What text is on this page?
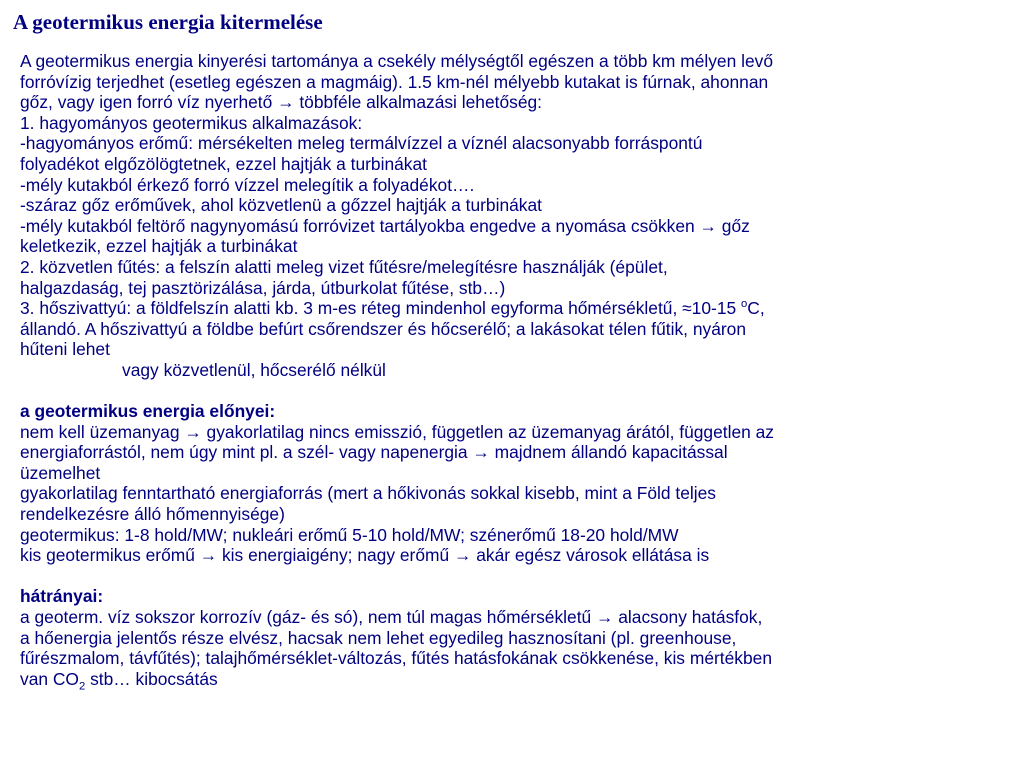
A geotermikus energia kitermelése
A geotermikus energia kinyerési tartománya a csekély mélységtől egészen a több km mélyen levő
forróvízig terjedhet (esetleg egészen a magmáig). 1.5 km-nél mélyebb kutakat is fúrnak, ahonnan
gőz, vagy igen forró víz nyerhető → többféle alkalmazási lehetőség:
1. hagyományos geotermikus alkalmazások:
-hagyományos erőmű: mérsékelten meleg termálvízzel a víznél alacsonyabb forráspontú
folyadékot elgőzölögtetnek, ezzel hajtják a turbinákat
-mély kutakból érkező forró vízzel melegítik a folyadékot….
-száraz gőz erőművek, ahol közvetlenü a gőzzel hajtják a turbinákat
-mély kutakból feltörő nagynyomású forróvizet tartályokba engedve a nyomása csökken → gőz
keletkezik, ezzel hajtják a turbinákat
2. közvetlen fűtés: a felszín alatti meleg vizet fűtésre/melegítésre használják (épület,
halgazdaság, tej pasztörizálása, járda, útburkolat fűtése, stb…)
3. hőszivattyú: a földfelszín alatti kb. 3 m-es réteg mindenhol egyforma hőmérsékletű, ≈10-15 $^o$C,
állandó. A hőszivattyú a földbe befúrt csőrendszer és hőcserélő; a lakásokat télen fűtik, nyáron
hűteni lehet
vagy közvetlenül, hőcserélő nélkül
a geotermikus energia előnyei:
nem kell üzemanyag → gyakorlatilag nincs emisszió, független az üzemanyag árától, független az
energiaforrástól, nem úgy mint pl. a szél- vagy napenergia → majdnem állandó kapacitással
üzemelhet
gyakorlatilag fenntartható energiaforrás (mert a hőkivonás sokkal kisebb, mint a Föld teljes
rendelkezésre álló hőmennyisége)
geotermikus: 1-8 hold/MW; nukleári erőmű 5-10 hold/MW; szénerőmű 18-20 hold/MW
kis geotermikus erőmű → kis energiaigény; nagy erőmű → akár egész városok ellátása is
hátrányai:
a geoterm. víz sokszor korrozív (gáz- és só), nem túl magas hőmérsékletű → alacsony hatásfok,
a hőenergia jelentős része elvész, hacsak nem lehet egyedileg hasznosítani (pl. greenhouse,
fűrészmalom, távfűtés); talajhőmérséklet-változás, fűtés hatásfokának csökkenése, kis mértékben
van $CO_2$ stb… kibocsátás
